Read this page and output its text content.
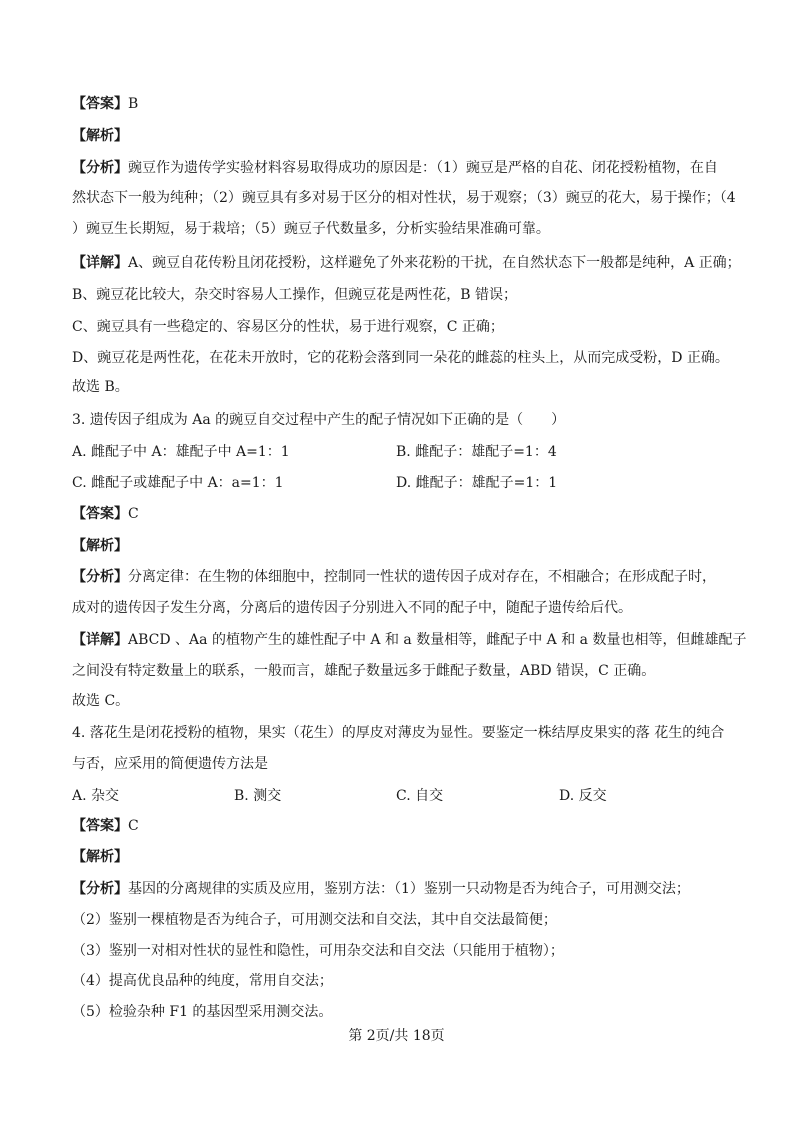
【答案】B
【解析】
【分析】豌豆作为遗传学实验材料容易取得成功的原因是：（1）豌豆是严格的自花、闭花授粉植物，在自
然状态下一般为纯种；（2）豌豆具有多对易于区分的相对性状，易于观察；（3）豌豆的花大，易于操作；（4
）豌豆生长期短，易于栽培；（5）豌豆子代数量多，分析实验结果准确可靠。
【详解】A、豌豆自花传粉且闭花授粉，这样避免了外来花粉的干扰，在自然状态下一般都是纯种，A 正确；
B、豌豆花比较大，杂交时容易人工操作，但豌豆花是两性花，B 错误；
C、豌豆具有一些稳定的、容易区分的性状，易于进行观察，C 正确；
D、豌豆花是两性花，在花未开放时，它的花粉会落到同一朵花的雌蕊的柱头上，从而完成受粉，D 正确。
故选 B。
3. 遗传因子组成为 Aa 的豌豆自交过程中产生的配子情况如下正确的是（　　）
A. 雌配子中 A：雄配子中 A=1：1	B. 雌配子：雄配子=1：4
C. 雌配子或雄配子中 A：a=1：1	D. 雌配子：雄配子=1：1
【答案】C
【解析】
【分析】分离定律：在生物的体细胞中，控制同一性状的遗传因子成对存在，不相融合；在形成配子时，
成对的遗传因子发生分离，分离后的遗传因子分别进入不同的配子中，随配子遗传给后代。
【详解】ABCD 、Aa 的植物产生的雄性配子中 A 和 a 数量相等，雌配子中 A 和 a 数量也相等，但雌雄配子
之间没有特定数量上的联系，一般而言，雄配子数量远多于雌配子数量，ABD 错误，C 正确。
故选 C。
4. 落花生是闭花授粉的植物，果实（花生）的厚皮对薄皮为显性。要鉴定一株结厚皮果实的落 花生的纯合
与否，应采用的简便遗传方法是
A. 杂交	B. 测交	C. 自交	D. 反交
【答案】C
【解析】
【分析】基因的分离规律的实质及应用，鉴别方法：（1）鉴别一只动物是否为纯合子，可用测交法；
（2）鉴别一棵植物是否为纯合子，可用测交法和自交法，其中自交法最简便；
（3）鉴别一对相对性状的显性和隐性，可用杂交法和自交法（只能用于植物）；
（4）提高优良品种的纯度，常用自交法；
（5）检验杂种 F1 的基因型采用测交法。
第 2页/共 18页
